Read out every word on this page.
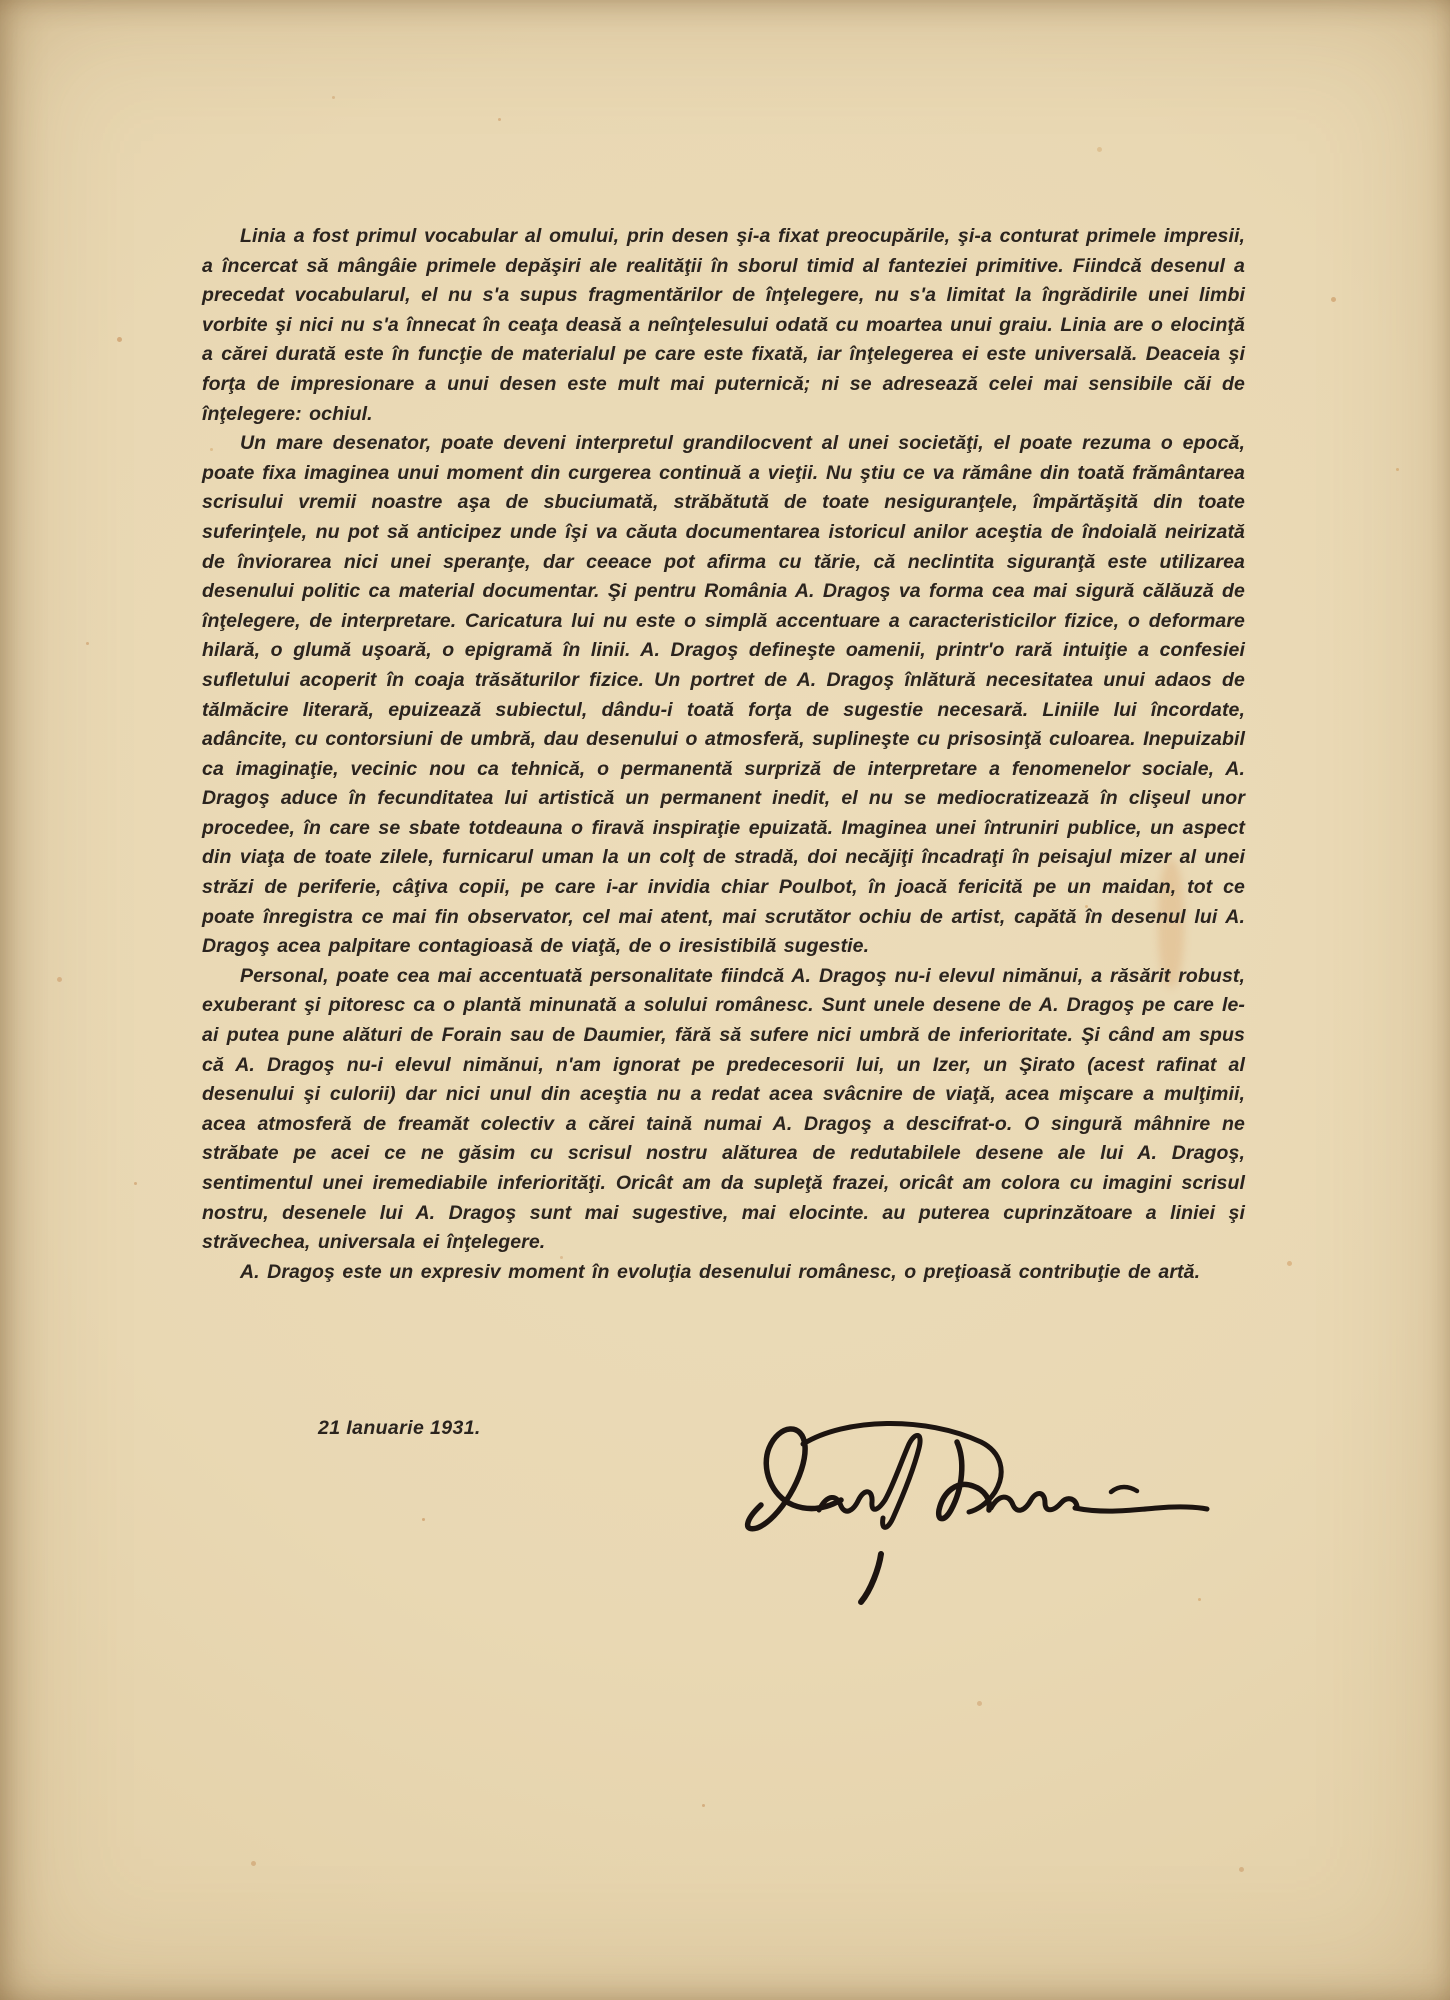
Linia a fost primul vocabular al omului, prin desen şi-a fixat preocupările, şi-a conturat primele impresii, a încercat să mângâie primele depăşiri ale realităţii în sborul timid al fanteziei primitive. Fiindcă desenul a precedat vocabularul, el nu s'a supus fragmentărilor de înţelegere, nu s'a limitat la îngrădirile unei limbi vorbite şi nici nu s'a înnecat în ceaţa deasă a neînţelesului odată cu moartea unui graiu. Linia are o elocinţă a cărei durată este în funcţie de materialul pe care este fixată, iar înţelegerea ei este universală. Deaceia şi forţa de impresionare a unui desen este mult mai puternică; ni se adresează celei mai sensibile căi de înţelegere: ochiul.

Un mare desenator, poate deveni interpretul grandilocvent al unei societăţi, el poate rezuma o epocă, poate fixa imaginea unui moment din curgerea continuă a vieţii. Nu ştiu ce va rămâne din toată frământarea scrisului vremii noastre aşa de sbuciumată, străbătută de toate nesiguranţele, împărtăşită din toate suferinţele, nu pot să anticipez unde îşi va căuta documentarea istoricul anilor aceştia de îndoială neirizată de înviorarea nici unei speranţe, dar ceeace pot afirma cu tărie, că neclintita siguranţă este utilizarea desenului politic ca material documentar. Şi pentru România A. Dragoş va forma cea mai sigură călăuză de înţelegere, de interpretare. Caricatura lui nu este o simplă accentuare a caracteristicilor fizice, o deformare hilară, o glumă uşoară, o epigramă în linii. A. Dragoş defineşte oamenii, printr'o rară intuiţie a confesiei sufletului acoperit în coaja trăsăturilor fizice. Un portret de A. Dragoş înlătură necesitatea unui adaos de tălmăcire literară, epuizează subiectul, dându-i toată forţa de sugestie necesară. Liniile lui încordate, adâncite, cu contorsiuni de umbră, dau desenului o atmosferă, suplineşte cu prisosinţă culoarea. Inepuizabil ca imaginaţie, vecinic nou ca tehnică, o permanentă surpriză de interpretare a fenomenelor sociale, A. Dragoş aduce în fecunditatea lui artistică un permanent inedit, el nu se mediocratizează în clişeul unor procedee, în care se sbate totdeauna o firavă inspiraţie epuizată. Imaginea unei întruniri publice, un aspect din viaţa de toate zilele, furnicarul uman la un colţ de stradă, doi necăjiţi încadraţi în peisajul mizer al unei străzi de periferie, câţiva copii, pe care i-ar invidia chiar Poulbot, în joacă fericită pe un maidan, tot ce poate înregistra ce mai fin observator, cel mai atent, mai scrutător ochiu de artist, capătă în desenul lui A. Dragoş acea palpitare contagioasă de viaţă, de o iresistibilă sugestie.

Personal, poate cea mai accentuată personalitate fiindcă A. Dragoş nu-i elevul nimănui, a răsărit robust, exuberant şi pitoresc ca o plantă minunată a solului românesc. Sunt unele desene de A. Dragoş pe care le-ai putea pune alături de Forain sau de Daumier, fără să sufere nici umbră de inferioritate. Şi când am spus că A. Dragoş nu-i elevul nimănui, n'am ignorat pe predecesorii lui, un Izer, un Şirato (acest rafinat al desenului şi culorii) dar nici unul din aceştia nu a redat acea svâcnire de viaţă, acea mişcare a mulţimii, acea atmosferă de freamăt colectiv a cărei taină numai A. Dragoş a descifrat-o. O singură mâhnire ne străbate pe acei ce ne găsim cu scrisul nostru alăturea de redutabilele desene ale lui A. Dragoş, sentimentul unei iremediabile inferiorităţi. Oricât am da supleţă frazei, oricât am colora cu imagini scrisul nostru, desenele lui A. Dragoş sunt mai sugestive, mai elocinte. au puterea cuprinzătoare a liniei şi străvechea, universala ei înţelegere.

A. Dragoş este un expresiv moment în evoluţia desenului românesc, o preţioasă contribuţie de artă.

21 Ianuarie 1931.
